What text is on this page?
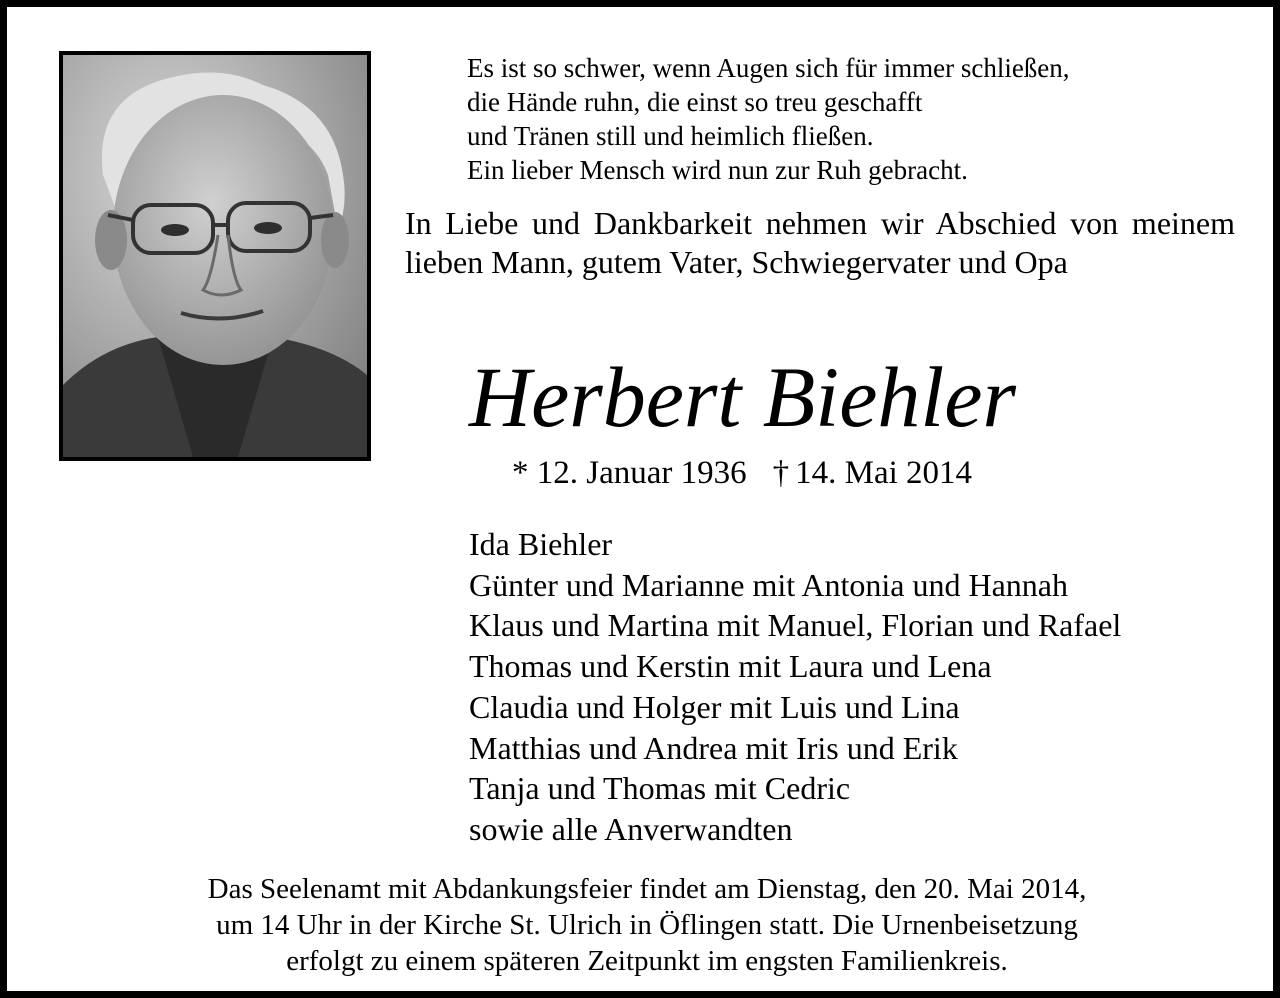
Es ist so schwer, wenn Augen sich für immer schließen,
die Hände ruhn, die einst so treu geschafft
und Tränen still und heimlich fließen.
Ein lieber Mensch wird nun zur Ruh gebracht.
In Liebe und Dankbarkeit nehmen wir Abschied von meinem lieben Mann, gutem Vater, Schwiegervater und Opa
Herbert Biehler
* 12. Januar 1936 † 14. Mai 2014
Ida Biehler
Günter und Marianne mit Antonia und Hannah
Klaus und Martina mit Manuel, Florian und Rafael
Thomas und Kerstin mit Laura und Lena
Claudia und Holger mit Luis und Lina
Matthias und Andrea mit Iris und Erik
Tanja und Thomas mit Cedric
sowie alle Anverwandten
Das Seelenamt mit Abdankungsfeier findet am Dienstag, den 20. Mai 2014,
um 14 Uhr in der Kirche St. Ulrich in Öflingen statt. Die Urnenbeisetzung
erfolgt zu einem späteren Zeitpunkt im engsten Familienkreis.
